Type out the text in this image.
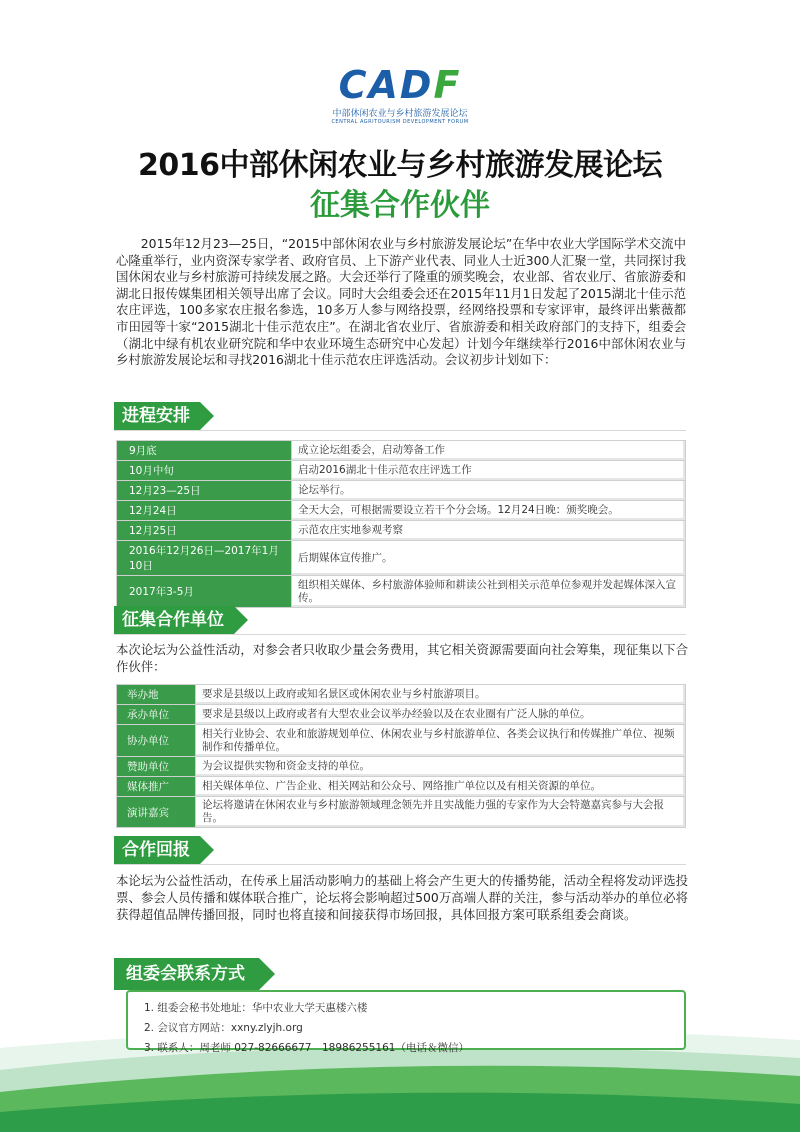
CADF
中部休闲农业与乡村旅游发展论坛
CENTRAL AGRITOURISM DEVELOPMENT FORUM
2016中部休闲农业与乡村旅游发展论坛
征集合作伙伴
2015年12月23—25日，“2015中部休闲农业与乡村旅游发展论坛”在华中农业大学国际学术交流中心隆重举行，业内资深专家学者、政府官员、上下游产业代表、同业人士近300人汇聚一堂，共同探讨我国休闲农业与乡村旅游可持续发展之路。大会还举行了隆重的颁奖晚会，农业部、省农业厅、省旅游委和湖北日报传媒集团相关领导出席了会议。同时大会组委会还在2015年11月1日发起了2015湖北十佳示范农庄评选，100多家农庄报名参选，10多万人参与网络投票，经网络投票和专家评审，最终评出紫薇都市田园等十家“2015湖北十佳示范农庄”。在湖北省农业厅、省旅游委和相关政府部门的支持下，组委会（湖北中绿有机农业研究院和华中农业环境生态研究中心发起）计划今年继续举行2016中部休闲农业与乡村旅游发展论坛和寻找2016湖北十佳示范农庄评选活动。会议初步计划如下：
进程安排
9月底	成立论坛组委会，启动筹备工作
10月中旬	启动2016湖北十佳示范农庄评选工作
12月23—25日	论坛举行。
12月24日	全天大会，可根据需要设立若干个分会场。12月24日晚：颁奖晚会。
12月25日	示范农庄实地参观考察
2016年12月26日—2017年1月10日	后期媒体宣传推广。
2017年3-5月	组织相关媒体、乡村旅游体验师和耕读公社到相关示范单位参观并发起媒体深入宣传。
征集合作单位
本次论坛为公益性活动，对参会者只收取少量会务费用，其它相关资源需要面向社会筹集，现征集以下合作伙伴：
举办地	要求是县级以上政府或知名景区或休闲农业与乡村旅游项目。
承办单位	要求是县级以上政府或者有大型农业会议举办经验以及在农业圈有广泛人脉的单位。
协办单位	相关行业协会、农业和旅游规划单位、休闲农业与乡村旅游单位、各类会议执行和传媒推广单位、视频制作和传播单位。
赞助单位	为会议提供实物和资金支持的单位。
媒体推广	相关媒体单位、广告企业、相关网站和公众号、网络推广单位以及有相关资源的单位。
演讲嘉宾	论坛将邀请在休闲农业与乡村旅游领域理念领先并且实战能力强的专家作为大会特邀嘉宾参与大会报告。
合作回报
本论坛为公益性活动，在传承上届活动影响力的基础上将会产生更大的传播势能，活动全程将发动评选投票、参会人员传播和媒体联合推广，论坛将会影响超过500万高端人群的关注，参与活动举办的单位必将获得超值品牌传播回报，同时也将直接和间接获得市场回报，具体回报方案可联系组委会商谈。
1. 组委会秘书处地址：华中农业大学天惠楼六楼
2. 会议官方网站：xxny.zlyjh.org
3. 联系人：周老师 027-82666677　18986255161（电话＆微信）
组委会联系方式
